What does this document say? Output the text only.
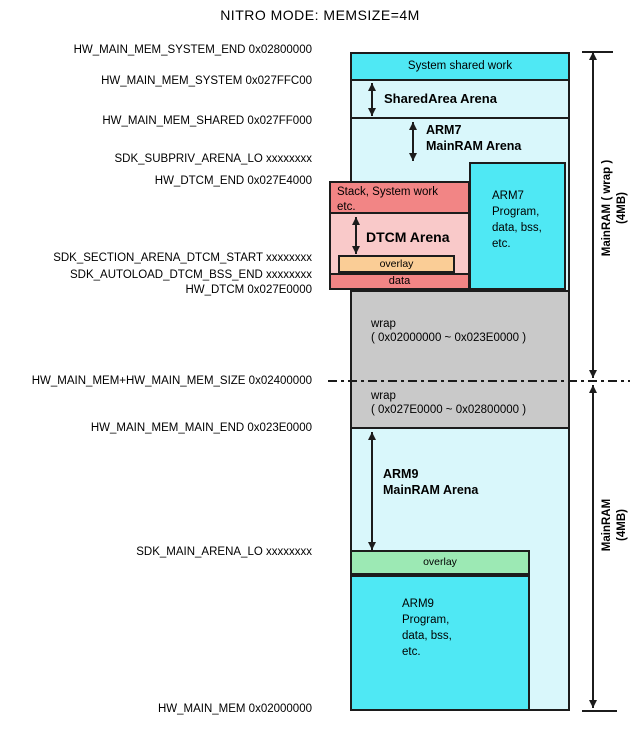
NITRO MODE: MEMSIZE=4M
HW_MAIN_MEM_SYSTEM_END 0x02800000
HW_MAIN_MEM_SYSTEM 0x027FFC00
HW_MAIN_MEM_SHARED 0x027FF000
SDK_SUBPRIV_ARENA_LO xxxxxxxx
HW_DTCM_END 0x027E4000
SDK_SECTION_ARENA_DTCM_START xxxxxxxx
SDK_AUTOLOAD_DTCM_BSS_END xxxxxxxx
HW_DTCM 0x027E0000
HW_MAIN_MEM+HW_MAIN_MEM_SIZE 0x02400000
HW_MAIN_MEM_MAIN_END 0x023E0000
SDK_MAIN_ARENA_LO xxxxxxxx
HW_MAIN_MEM 0x02000000
System shared work
SharedArea Arena
ARM7
MainRAM Arena
ARM7
Program,
data, bss,
etc.
Stack, System work
etc.
DTCM Arena
overlay
data
wrap
( 0x02000000 ~ 0x023E0000 )
wrap
( 0x027E0000 ~ 0x02800000 )
ARM9
MainRAM Arena
overlay
ARM9
Program,
data, bss,
etc.
MainRAM ( wrap ) (4MB)
MainRAM (4MB)
